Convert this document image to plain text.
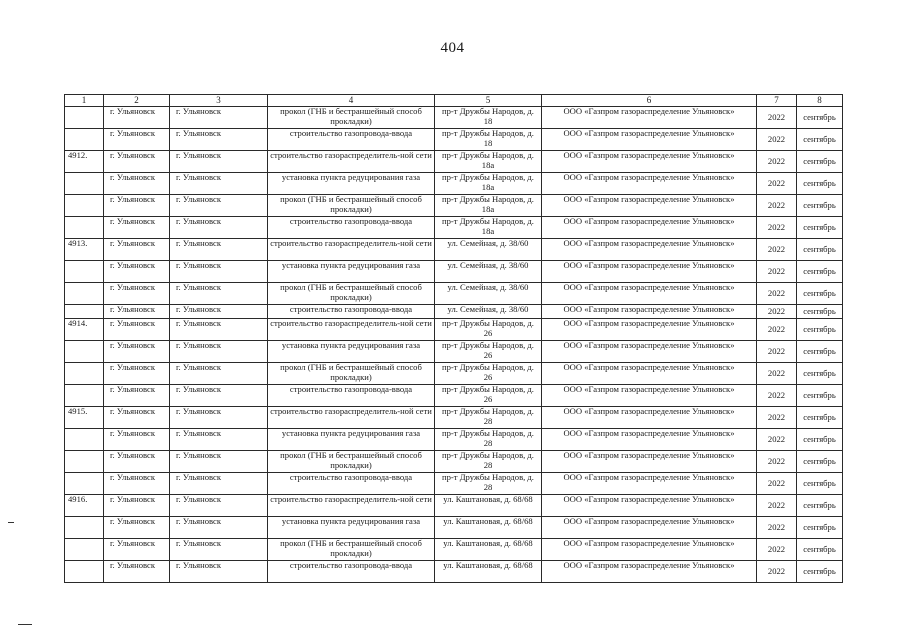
404
1	2	3	4	5	6	7	8
	г. Ульяновск	г. Ульяновск	прокол (ГНБ и бестраншейный способ прокладки)	пр-т Дружбы Народов, д. 18	ООО «Газпром газораспределение Ульяновск»	2022	сентябрь
	г. Ульяновск	г. Ульяновск	строительство газопровода-ввода	пр-т Дружбы Народов, д. 18	ООО «Газпром газораспределение Ульяновск»	2022	сентябрь
4912.	г. Ульяновск	г. Ульяновск	строительство газораспределитель-ной сети	пр-т Дружбы Народов, д. 18а	ООО «Газпром газораспределение Ульяновск»	2022	сентябрь
	г. Ульяновск	г. Ульяновск	установка пункта редуцирования газа	пр-т Дружбы Народов, д. 18а	ООО «Газпром газораспределение Ульяновск»	2022	сентябрь
	г. Ульяновск	г. Ульяновск	прокол (ГНБ и бестраншейный способ прокладки)	пр-т Дружбы Народов, д. 18а	ООО «Газпром газораспределение Ульяновск»	2022	сентябрь
	г. Ульяновск	г. Ульяновск	строительство газопровода-ввода	пр-т Дружбы Народов, д. 18а	ООО «Газпром газораспределение Ульяновск»	2022	сентябрь
4913.	г. Ульяновск	г. Ульяновск	строительство газораспределитель-ной сети	ул. Семейная, д. 38/60	ООО «Газпром газораспределение Ульяновск»	2022	сентябрь
	г. Ульяновск	г. Ульяновск	установка пункта редуцирования газа	ул. Семейная, д. 38/60	ООО «Газпром газораспределение Ульяновск»	2022	сентябрь
	г. Ульяновск	г. Ульяновск	прокол (ГНБ и бестраншейный способ прокладки)	ул. Семейная, д. 38/60	ООО «Газпром газораспределение Ульяновск»	2022	сентябрь
	г. Ульяновск	г. Ульяновск	строительство газопровода-ввода	ул. Семейная, д. 38/60	ООО «Газпром газораспределение Ульяновск»	2022	сентябрь
4914.	г. Ульяновск	г. Ульяновск	строительство газораспределитель-ной сети	пр-т Дружбы Народов, д. 26	ООО «Газпром газораспределение Ульяновск»	2022	сентябрь
	г. Ульяновск	г. Ульяновск	установка пункта редуцирования газа	пр-т Дружбы Народов, д. 26	ООО «Газпром газораспределение Ульяновск»	2022	сентябрь
	г. Ульяновск	г. Ульяновск	прокол (ГНБ и бестраншейный способ прокладки)	пр-т Дружбы Народов, д. 26	ООО «Газпром газораспределение Ульяновск»	2022	сентябрь
	г. Ульяновск	г. Ульяновск	строительство газопровода-ввода	пр-т Дружбы Народов, д. 26	ООО «Газпром газораспределение Ульяновск»	2022	сентябрь
4915.	г. Ульяновск	г. Ульяновск	строительство газораспределитель-ной сети	пр-т Дружбы Народов, д. 28	ООО «Газпром газораспределение Ульяновск»	2022	сентябрь
	г. Ульяновск	г. Ульяновск	установка пункта редуцирования газа	пр-т Дружбы Народов, д. 28	ООО «Газпром газораспределение Ульяновск»	2022	сентябрь
	г. Ульяновск	г. Ульяновск	прокол (ГНБ и бестраншейный способ прокладки)	пр-т Дружбы Народов, д. 28	ООО «Газпром газораспределение Ульяновск»	2022	сентябрь
	г. Ульяновск	г. Ульяновск	строительство газопровода-ввода	пр-т Дружбы Народов, д. 28	ООО «Газпром газораспределение Ульяновск»	2022	сентябрь
4916.	г. Ульяновск	г. Ульяновск	строительство газораспределитель-ной сети	ул. Каштановая, д. 68/68	ООО «Газпром газораспределение Ульяновск»	2022	сентябрь
	г. Ульяновск	г. Ульяновск	установка пункта редуцирования газа	ул. Каштановая, д. 68/68	ООО «Газпром газораспределение Ульяновск»	2022	сентябрь
	г. Ульяновск	г. Ульяновск	прокол (ГНБ и бестраншейный способ прокладки)	ул. Каштановая, д. 68/68	ООО «Газпром газораспределение Ульяновск»	2022	сентябрь
	г. Ульяновск	г. Ульяновск	строительство газопровода-ввода	ул. Каштановая, д. 68/68	ООО «Газпром газораспределение Ульяновск»	2022	сентябрь
